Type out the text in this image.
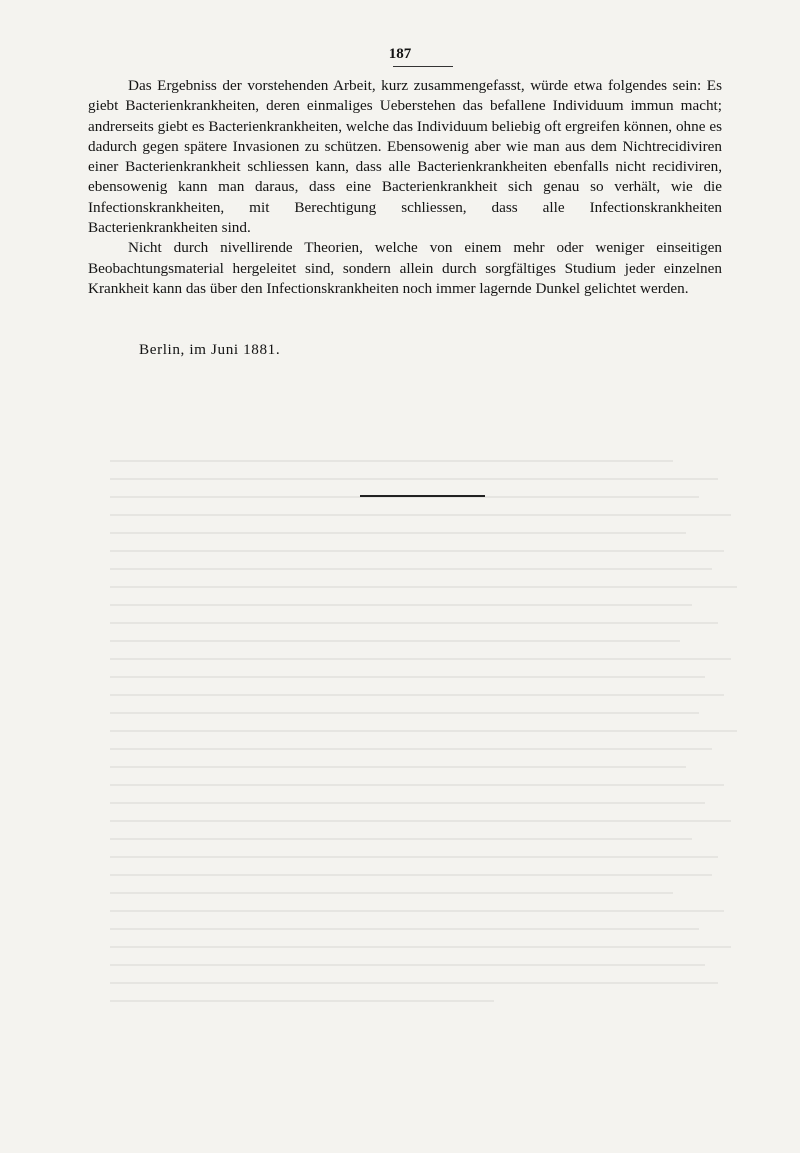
187

Das Ergebniss der vorstehenden Arbeit, kurz zusammengefasst, würde etwa folgendes sein: Es giebt Bacterienkrankheiten, deren einmaliges Ueberstehen das befallene Individuum immun macht; andrerseits giebt es Bacterienkrankheiten, welche das Individuum beliebig oft ergreifen können, ohne es dadurch gegen spätere Invasionen zu schützen. Ebensowenig aber wie man aus dem Nichtrecidiviren einer Bacterienkrankheit schliessen kann, dass alle Bacterienkrankheiten ebenfalls nicht recidiviren, ebensowenig kann man daraus, dass eine Bacterienkrankheit sich genau so verhält, wie die Infectionskrankheiten, mit Berechtigung schliessen, dass alle Infectionskrankheiten Bacterienkrankheiten sind.

Nicht durch nivellirende Theorien, welche von einem mehr oder weniger einseitigen Beobachtungsmaterial hergeleitet sind, sondern allein durch sorgfältiges Studium jeder einzelnen Krankheit kann das über den Infectionskrankheiten noch immer lagernde Dunkel gelichtet werden.

Berlin, im Juni 1881.
